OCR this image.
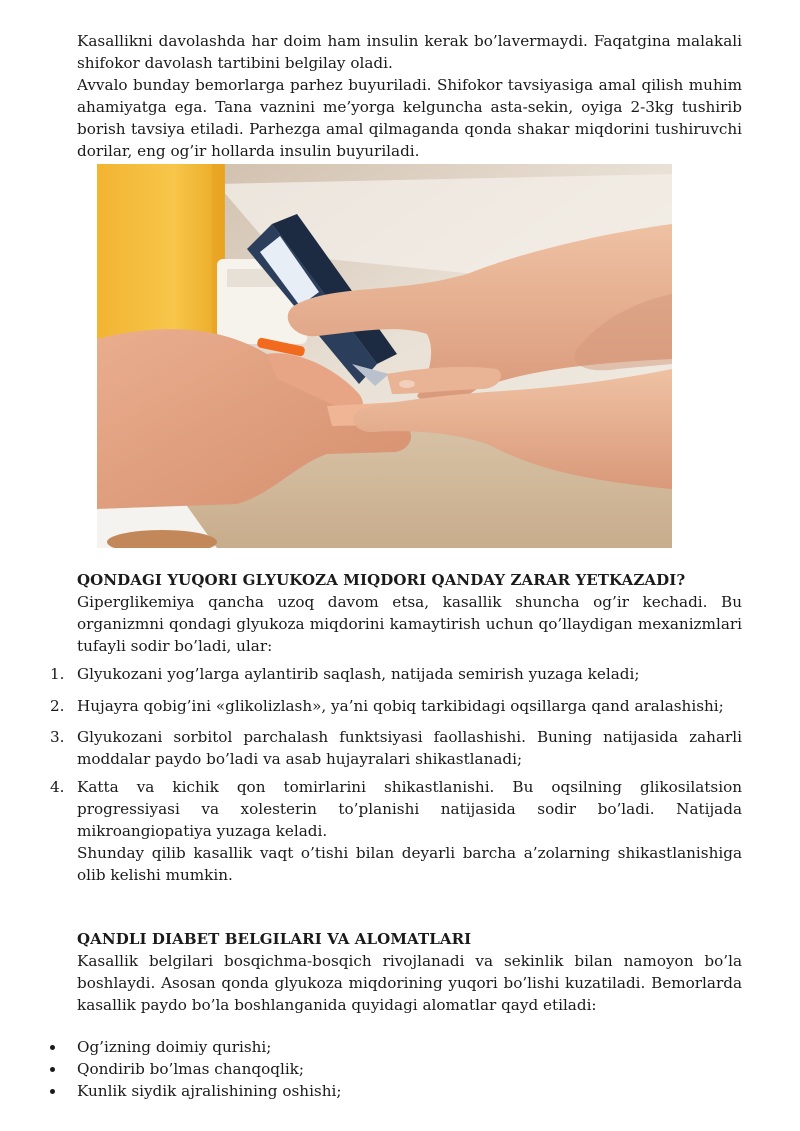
Kasallikni davolashda har doim ham insulin kerak bo’lavermaydi. Faqatgina malakali shifokor davolash tartibini belgilay oladi.

Avvalo bunday bemorlarga parhez buyuriladi. Shifokor tavsiyasiga amal qilish muhim ahamiyatga ega. Tana vaznini me’yorga kelguncha asta-sekin, oyiga 2-3kg tushirib borish tavsiya etiladi. Parhezga amal qilmaganda qonda shakar miqdorini tushiruvchi dorilar, eng og’ir hollarda insulin buyuriladi.

QONDAGI YUQORI GLYUKOZA MIQDORI QANDAY ZARAR YETKAZADI?

Giperglikemiya qancha uzoq davom etsa, kasallik shuncha og’ir kechadi. Bu organizmni qondagi glyukoza miqdorini kamaytirish uchun qo’llaydigan mexanizmlari tufayli sodir bo’ladi, ular:

1. Glyukozani yog’larga aylantirib saqlash, natijada semirish yuzaga keladi;

2. Hujayra qobig’ini «glikolizlash», ya’ni qobiq tarkibidagi oqsillarga qand aralashishi;

3. Glyukozani sorbitol parchalash funktsiyasi faollashishi. Buning natijasida zaharli moddalar paydo bo’ladi va asab hujayralari shikastlanadi;

4. Katta va kichik qon tomirlarini shikastlanishi. Bu oqsilning glikosilatsion progressiyasi va xolesterin to’planishi natijasida sodir bo’ladi. Natijada mikroangiopatiya yuzaga keladi.

Shunday qilib kasallik vaqt o’tishi bilan deyarli barcha a’zolarning shikastlanishiga olib kelishi mumkin.

QANDLI DIABET BELGILARI VA ALOMATLARI

Kasallik belgilari bosqichma-bosqich rivojlanadi va sekinlik bilan namoyon bo’la boshlaydi. Asosan qonda glyukoza miqdorining yuqori bo’lishi kuzatiladi. Bemorlarda kasallik paydo bo’la boshlanganida quyidagi alomatlar qayd etiladi:

Og’izning doimiy qurishi;

Qondirib bo’lmas chanqoqlik;

Kunlik siydik ajralishining oshishi;
